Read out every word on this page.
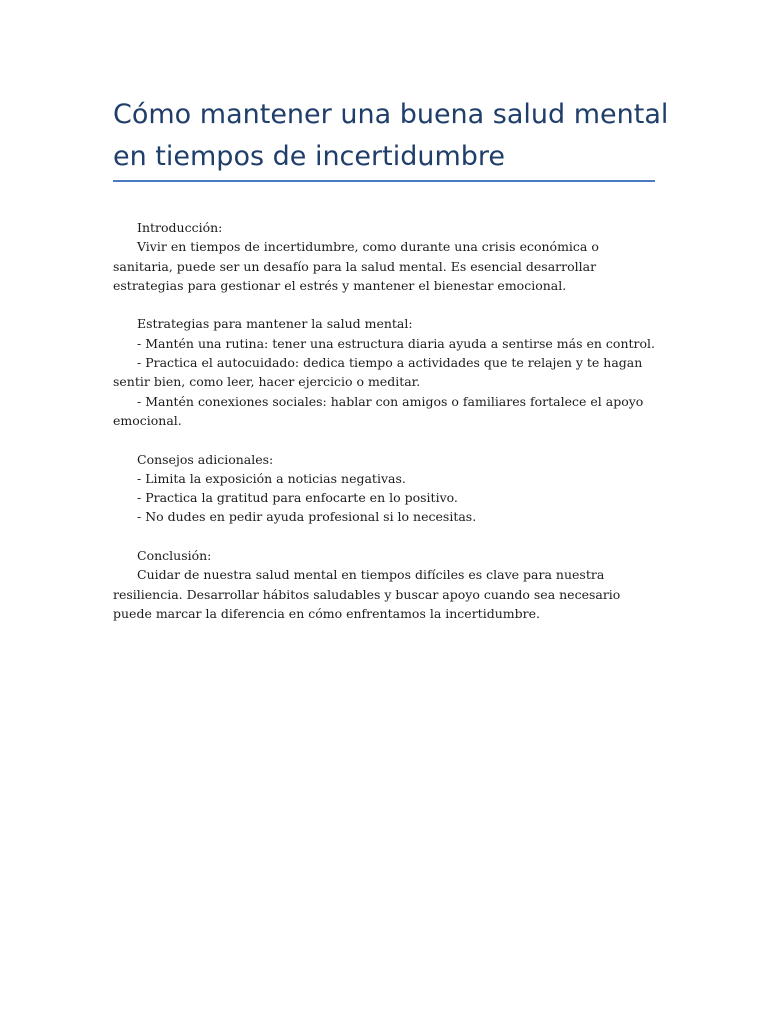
Cómo mantener una buena salud mental en tiempos de incertidumbre

Introducción:

Vivir en tiempos de incertidumbre, como durante una crisis económica o sanitaria, puede ser un desafío para la salud mental. Es esencial desarrollar estrategias para gestionar el estrés y mantener el bienestar emocional.

Estrategias para mantener la salud mental:

- Mantén una rutina: tener una estructura diaria ayuda a sentirse más en control.

- Practica el autocuidado: dedica tiempo a actividades que te relajen y te hagan sentir bien, como leer, hacer ejercicio o meditar.

- Mantén conexiones sociales: hablar con amigos o familiares fortalece el apoyo emocional.

Consejos adicionales:

- Limita la exposición a noticias negativas.

- Practica la gratitud para enfocarte en lo positivo.

- No dudes en pedir ayuda profesional si lo necesitas.

Conclusión:

Cuidar de nuestra salud mental en tiempos difíciles es clave para nuestra resiliencia. Desarrollar hábitos saludables y buscar apoyo cuando sea necesario puede marcar la diferencia en cómo enfrentamos la incertidumbre.
